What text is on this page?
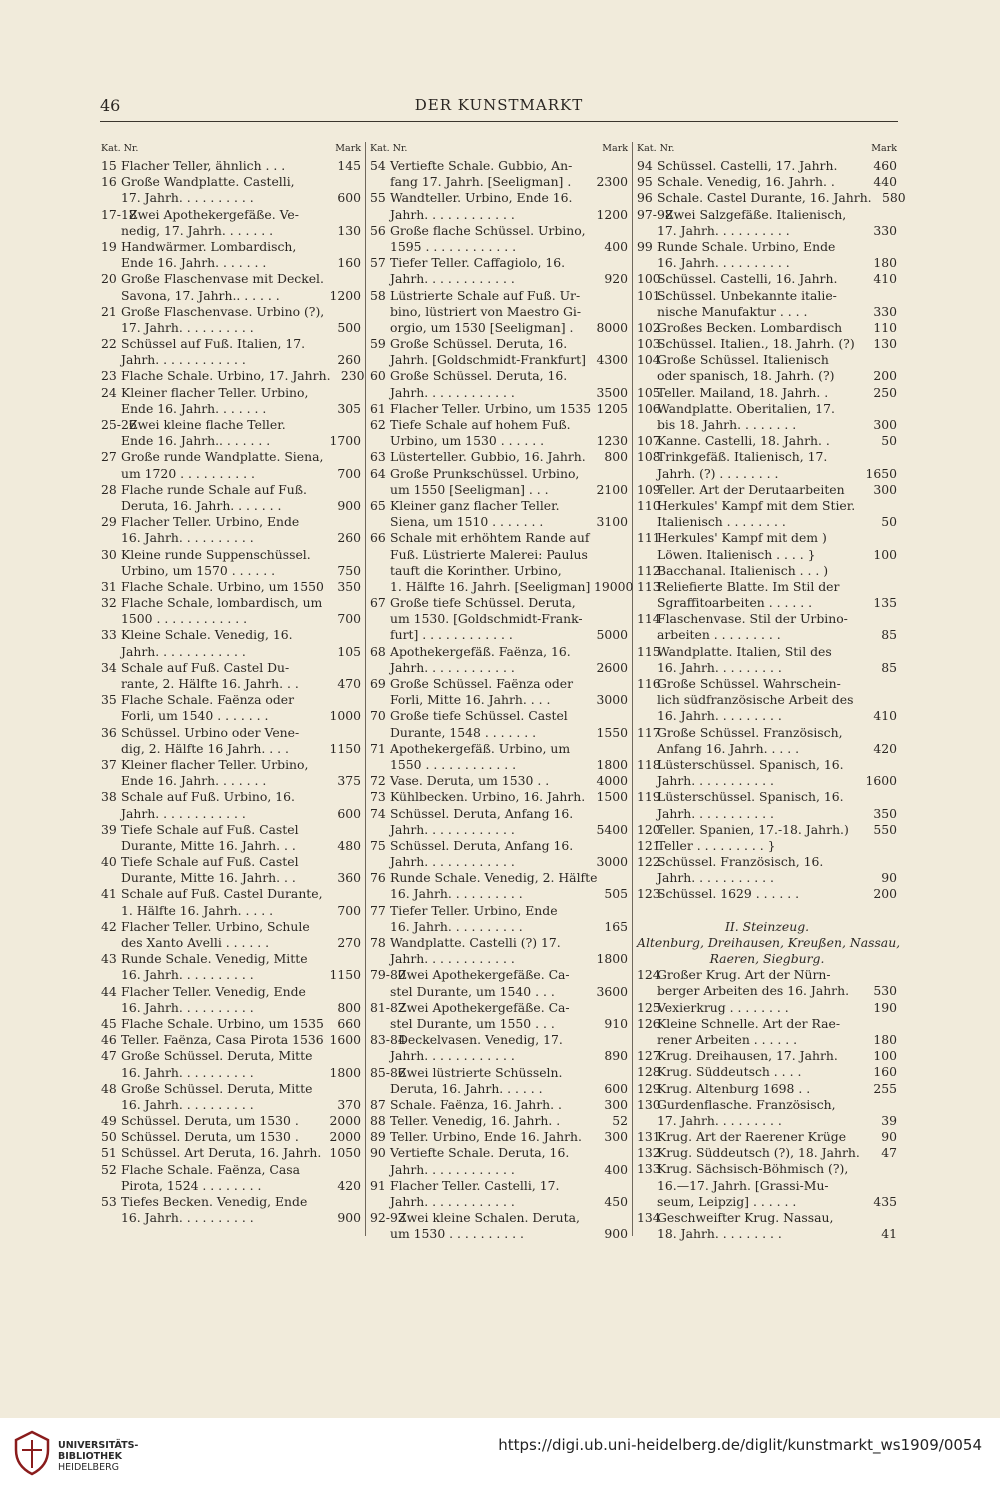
46	DER KUNSTMARKT
Kat. Nr.	Mark
15 Flacher Teller, ähnlich . . .	145
16 Große Wandplatte. Castelli,
17. Jahrh. . . . . . . . . .	600
17-18
Zwei Apothekergefäße. Ve-
nedig, 17. Jahrh. . . . . . .	130
19 Handwärmer. Lombardisch,
Ende 16. Jahrh. . . . . . .	160
20 Große Flaschenvase mit Deckel.
Savona, 17. Jahrh.. . . . . .	1200
21 Große Flaschenvase. Urbino (?),
17. Jahrh. . . . . . . . . .	500
22 Schüssel auf Fuß. Italien, 17.
Jahrh. . . . . . . . . . . .	260
23 Flache Schale. Urbino, 17. Jahrh. 230
24 Kleiner flacher Teller. Urbino,
Ende 16. Jahrh. . . . . . .	305
25-26
Zwei kleine flache Teller.
Ende 16. Jahrh.. . . . . . .	1700
27 Große runde Wandplatte. Siena,
um 1720 . . . . . . . . . .	700
28 Flache runde Schale auf Fuß.
Deruta, 16. Jahrh. . . . . . .	900
29 Flacher Teller. Urbino, Ende
16. Jahrh. . . . . . . . . .	260
30 Kleine runde Suppenschüssel.
Urbino, um 1570 . . . . . .	750
31 Flache Schale. Urbino, um 1550	350
32 Flache Schale, lombardisch, um
1500 . . . . . . . . . . . .	700
33 Kleine Schale. Venedig, 16.
Jahrh. . . . . . . . . . . .	105
34 Schale auf Fuß. Castel Du-
rante, 2. Hälfte 16. Jahrh. . .	470
35 Flache Schale. Faënza oder
Forli, um 1540 . . . . . . .	1000
36 Schüssel. Urbino oder Vene-
dig, 2. Hälfte 16 Jahrh. . . .	1150
37 Kleiner flacher Teller. Urbino,
Ende 16. Jahrh. . . . . . .	375
38 Schale auf Fuß. Urbino, 16.
Jahrh. . . . . . . . . . . .	600
39 Tiefe Schale auf Fuß. Castel
Durante, Mitte 16. Jahrh. . .	480
40 Tiefe Schale auf Fuß. Castel
Durante, Mitte 16. Jahrh. . .	360
41 Schale auf Fuß. Castel Durante,
1. Hälfte 16. Jahrh. . . . .	700
42 Flacher Teller. Urbino, Schule
des Xanto Avelli . . . . . .	270
43 Runde Schale. Venedig, Mitte
16. Jahrh. . . . . . . . . .	1150
44 Flacher Teller. Venedig, Ende
16. Jahrh. . . . . . . . . .	800
45 Flache Schale. Urbino, um 1535	660
46 Teller. Faënza, Casa Pirota 1536 1600
47 Große Schüssel. Deruta, Mitte
16. Jahrh. . . . . . . . . .	1800
48 Große Schüssel. Deruta, Mitte
16. Jahrh. . . . . . . . . .	370
49 Schüssel. Deruta, um 1530 .	2000
50 Schüssel. Deruta, um 1530 .	2000
51 Schüssel. Art Deruta, 16. Jahrh. 1050
52 Flache Schale. Faënza, Casa
Pirota, 1524 . . . . . . . .	420
53 Tiefes Becken. Venedig, Ende
16. Jahrh. . . . . . . . . .	900
Kat. Nr.	Mark
54 Vertiefte Schale. Gubbio, An-
fang 17. Jahrh. [Seeligman] .	2300
55 Wandteller. Urbino, Ende 16.
Jahrh. . . . . . . . . . . .	1200
56 Große flache Schüssel. Urbino,
1595 . . . . . . . . . . . .	400
57 Tiefer Teller. Caffagiolo, 16.
Jahrh. . . . . . . . . . . .	920
58 Lüstrierte Schale auf Fuß. Ur-
bino, lüstriert von Maestro Gi-
orgio, um 1530 [Seeligman] .	8000
59 Große Schüssel. Deruta, 16.
Jahrh. [Goldschmidt-Frankfurt] 4300
60 Große Schüssel. Deruta, 16.
Jahrh. . . . . . . . . . . .	3500
61 Flacher Teller. Urbino, um 1535 1205
62 Tiefe Schale auf hohem Fuß.
Urbino, um 1530 . . . . . .	1230
63 Lüsterteller. Gubbio, 16. Jahrh.	800
64 Große Prunkschüssel. Urbino,
um 1550 [Seeligman] . . .	2100
65 Kleiner ganz flacher Teller.
Siena, um 1510 . . . . . . .	3100
66 Schale mit erhöhtem Rande auf
Fuß. Lüstrierte Malerei: Paulus
tauft die Korinther. Urbino,
1. Hälfte 16. Jahrh. [Seeligman] 19000
67 Große tiefe Schüssel. Deruta,
um 1530. [Goldschmidt-Frank-
furt] . . . . . . . . . . . .	5000
68 Apothekergefäß. Faënza, 16.
Jahrh. . . . . . . . . . . .	2600
69 Große Schüssel. Faënza oder
Forli, Mitte 16. Jahrh. . . .	3000
70 Große tiefe Schüssel. Castel
Durante, 1548 . . . . . . .	1550
71 Apothekergefäß. Urbino, um
1550 . . . . . . . . . . . .	1800
72 Vase. Deruta, um 1530 . .	4000
73 Kühlbecken. Urbino, 16. Jahrh. 1500
74 Schüssel. Deruta, Anfang 16.
Jahrh. . . . . . . . . . . .	5400
75 Schüssel. Deruta, Anfang 16.
Jahrh. . . . . . . . . . . .	3000
76 Runde Schale. Venedig, 2. Hälfte
16. Jahrh. . . . . . . . . .	505
77 Tiefer Teller. Urbino, Ende
16. Jahrh. . . . . . . . . .	165
78 Wandplatte. Castelli (?) 17.
Jahrh. . . . . . . . . . . .	1800
79-80
Zwei Apothekergefäße. Ca-
stel Durante, um 1540 . . .	3600
81-82
Zwei Apothekergefäße. Ca-
stel Durante, um 1550 . . .	910
83-84
Deckelvasen. Venedig, 17.
Jahrh. . . . . . . . . . . .	890
85-86
Zwei lüstrierte Schüsseln.
Deruta, 16. Jahrh. . . . . .	600
87 Schale. Faënza, 16. Jahrh. .	300
88 Teller. Venedig, 16. Jahrh. .	52
89 Teller. Urbino, Ende 16. Jahrh.	300
90 Vertiefte Schale. Deruta, 16.
Jahrh. . . . . . . . . . . .	400
91 Flacher Teller. Castelli, 17.
Jahrh. . . . . . . . . . . .	450
92-93
Zwei kleine Schalen. Deruta,
um 1530 . . . . . . . . . .	900
Kat. Nr.	Mark
94 Schüssel. Castelli, 17. Jahrh.	460
95 Schale. Venedig, 16. Jahrh. .	440
96 Schale. Castel Durante, 16. Jahrh. 580
97-98
Zwei Salzgefäße. Italienisch,
17. Jahrh. . . . . . . . . .	330
99 Runde Schale. Urbino, Ende
16. Jahrh. . . . . . . . . .	180
100
Schüssel. Castelli, 16. Jahrh.	410
101
Schüssel. Unbekannte italie-
nische Manufaktur . . . .	330
102
Großes Becken. Lombardisch	110
103
Schüssel. Italien., 18. Jahrh. (?)	130
104
Große Schüssel. Italienisch
oder spanisch, 18. Jahrh. (?)	200
105
Teller. Mailand, 18. Jahrh. .	250
106
Wandplatte. Oberitalien, 17.
bis 18. Jahrh. . . . . . . .	300
107
Kanne. Castelli, 18. Jahrh. .	50
108
Trinkgefäß. Italienisch, 17.
Jahrh. (?) . . . . . . . .	1650
109
Teller. Art der Derutaarbeiten	300
110
Herkules' Kampf mit dem Stier.
Italienisch . . . . . . . .	50
111
Herkules' Kampf mit dem )
Löwen. Italienisch . . . . }	100
112
Bacchanal. Italienisch . . . )
113
Reliefierte Blatte. Im Stil der
Sgraffitoarbeiten . . . . . .	135
114
Flaschenvase. Stil der Urbino-
arbeiten . . . . . . . . .	85
115
Wandplatte. Italien, Stil des
16. Jahrh. . . . . . . . .	85
116
Große Schüssel. Wahrschein-
lich südfranzösische Arbeit des
16. Jahrh. . . . . . . . .	410
117
Große Schüssel. Französisch,
Anfang 16. Jahrh. . . . .	420
118
Lüsterschüssel. Spanisch, 16.
Jahrh. . . . . . . . . . .	1600
119
Lüsterschüssel. Spanisch, 16.
Jahrh. . . . . . . . . . .	350
120
Teller. Spanien, 17.-18. Jahrh.)	550
121
Teller . . . . . . . . . }
122
Schüssel. Französisch, 16.
Jahrh. . . . . . . . . . .	90
123
Schüssel. 1629 . . . . . .	200
II. Steinzeug.
Altenburg, Dreihausen, Kreußen, Nassau,
Raeren, Siegburg.
124
Großer Krug. Art der Nürn-
berger Arbeiten des 16. Jahrh.	530
125
Vexierkrug . . . . . . . .	190
126
Kleine Schnelle. Art der Rae-
rener Arbeiten . . . . . .	180
127
Krug. Dreihausen, 17. Jahrh.	100
128
Krug. Süddeutsch . . . .	160
129
Krug. Altenburg 1698 . .	255
130
Gurdenflasche. Französisch,
17. Jahrh. . . . . . . . .	39
131
Krug. Art der Raerener Krüge	90
132
Krug. Süddeutsch (?), 18. Jahrh.	47
133
Krug. Sächsisch-Böhmisch (?),
16.—17. Jahrh. [Grassi-Mu-
seum, Leipzig] . . . . . .	435
134
Geschweifter Krug. Nassau,
18. Jahrh. . . . . . . . .	41
UNIVERSITÄTS-
BIBLIOTHEK
HEIDELBERG
https://digi.ub.uni-heidelberg.de/diglit/kunstmarkt_ws1909/0054
